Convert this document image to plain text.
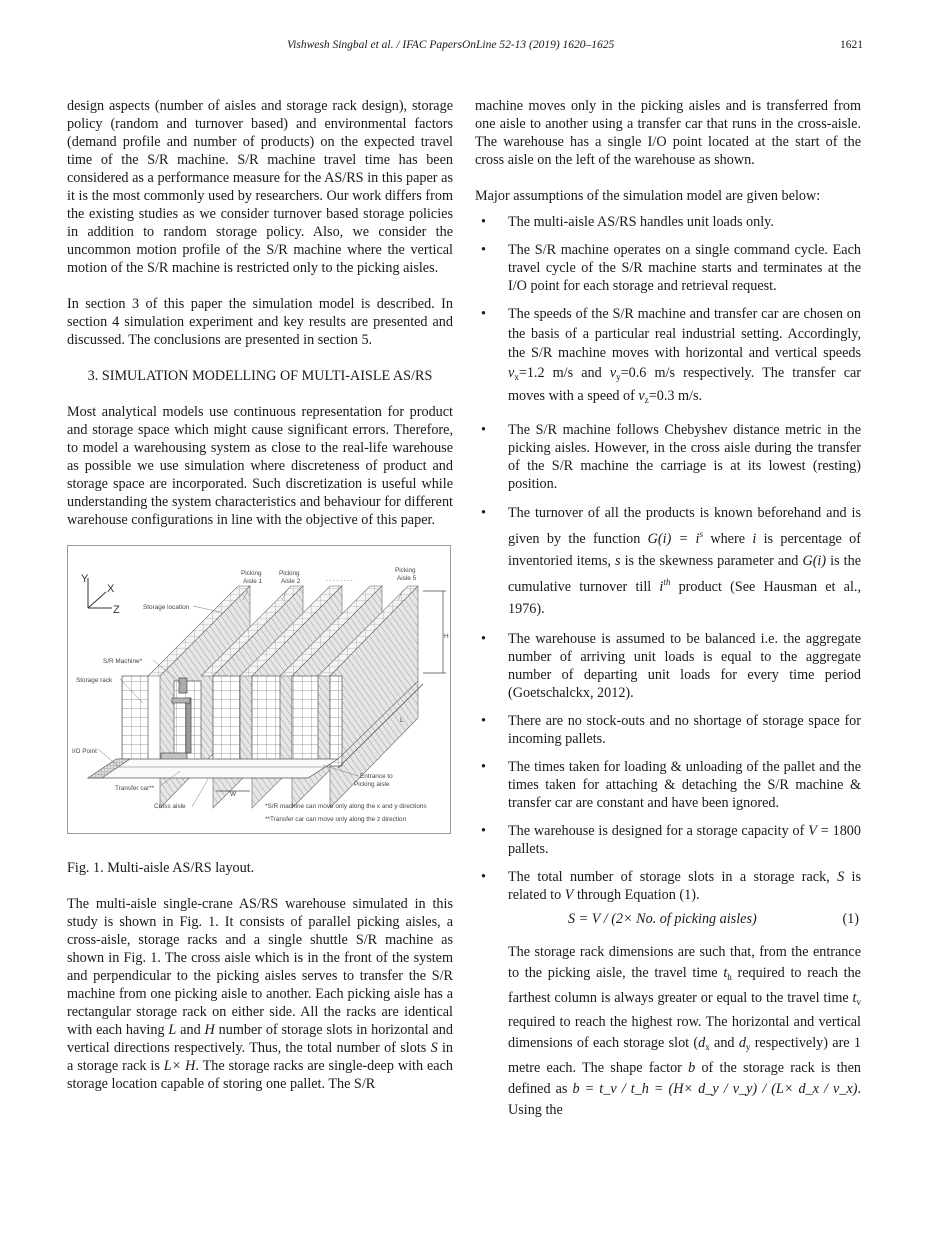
Vishwesh Singbal et al. / IFAC PapersOnLine 52-13 (2019) 1620–1625	1621

design aspects (number of aisles and storage rack design), storage policy (random and turnover based) and environmental factors (demand profile and number of products) on the expected travel time of the S/R machine. S/R machine travel time has been considered as a performance measure for the AS/RS in this paper as it is the most commonly used by researchers. Our work differs from the existing studies as we consider turnover based storage policies in addition to random storage policy. Also, we consider the uncommon motion profile of the S/R machine where the vertical motion of the S/R machine is restricted only to the picking aisles.

In section 3 of this paper the simulation model is described. In section 4 simulation experiment and key results are presented and discussed. The conclusions are presented in section 5.

3. SIMULATION MODELLING OF MULTI-AISLE AS/RS

Most analytical models use continuous representation for product and storage space which might cause significant errors. Therefore, to model a warehousing system as close to the real-life warehouse as possible we use simulation where discreteness of product and storage space are incorporated. Such discretization is useful while understanding the system characteristics and behaviour for different warehouse configurations in line with the objective of this paper.

Y
X
Z
H
L
W
Storage location
S/R Machine*
Storage rack
I/O Point
Transfer car**
Cross aisle
Picking
Aisle 1
Picking
Aisle 2	. . . . . . . .
Picking
Aisle 5
Entrance to
Picking aisle
*S/R machine can move only along the x and y directions
**Transfer car can move only along the z direction

Fig. 1. Multi-aisle AS/RS layout.

The multi-aisle single-crane AS/RS warehouse simulated in this study is shown in Fig. 1. It consists of parallel picking aisles, a cross-aisle, storage racks and a single shuttle S/R machine as shown in Fig. 1. The cross aisle which is in the front of the system and perpendicular to the picking aisles serves to transfer the S/R machine from one picking aisle to another. Each picking aisle has a rectangular storage rack on either side. All the racks are identical with each having L and H number of storage slots in horizontal and vertical directions respectively. Thus, the total number of slots S in a storage rack is L× H. The storage racks are single-deep with each storage location capable of storing one pallet. The S/R

machine moves only in the picking aisles and is transferred from one aisle to another using a transfer car that runs in the cross-aisle. The warehouse has a single I/O point located at the start of the cross aisle on the left of the warehouse as shown.

Major assumptions of the simulation model are given below:

• The multi-aisle AS/RS handles unit loads only.
• The S/R machine operates on a single command cycle. Each travel cycle of the S/R machine starts and terminates at the I/O point for each storage and retrieval request.
• The speeds of the S/R machine and transfer car are chosen on the basis of a particular real industrial setting. Accordingly, the S/R machine moves with horizontal and vertical speeds $v_x=1.2$ m/s and $v_y=0.6$ m/s respectively. The transfer car moves with a speed of $v_z=0.3$ m/s.
• The S/R machine follows Chebyshev distance metric in the picking aisles. However, in the cross aisle during the transfer of the S/R machine the carriage is at its lowest (resting) position.
• The turnover of all the products is known beforehand and is given by the function $G(i) = i^s$ where i is percentage of inventoried items, s is the skewness parameter and G(i) is the cumulative turnover till $i^{th}$ product (See Hausman et al., 1976).
• The warehouse is assumed to be balanced i.e. the aggregate number of arriving unit loads is equal to the aggregate number of departing unit loads for every time period (Goetschalckx, 2012).
• There are no stock-outs and no shortage of storage space for incoming pallets.
• The times taken for loading & unloading of the pallet and the times taken for attaching & detaching the S/R machine & transfer car are constant and have been ignored.
• The warehouse is designed for a storage capacity of V = 1800 pallets.
• The total number of storage slots in a storage rack, S is related to V through Equation (1).
S = V / (2× No. of picking aisles)	(1)

The storage rack dimensions are such that, from the entrance to the picking aisle, the travel time $t_h$ required to reach the farthest column is always greater or equal to the travel time $t_v$ required to reach the highest row. The horizontal and vertical dimensions of each storage slot ($d_x$ and $d_y$ respectively) are 1 metre each. The shape factor b of the storage rack is then defined as b = t_v / t_h = (H× d_y / v_y) / (L× d_x / v_x). Using the
